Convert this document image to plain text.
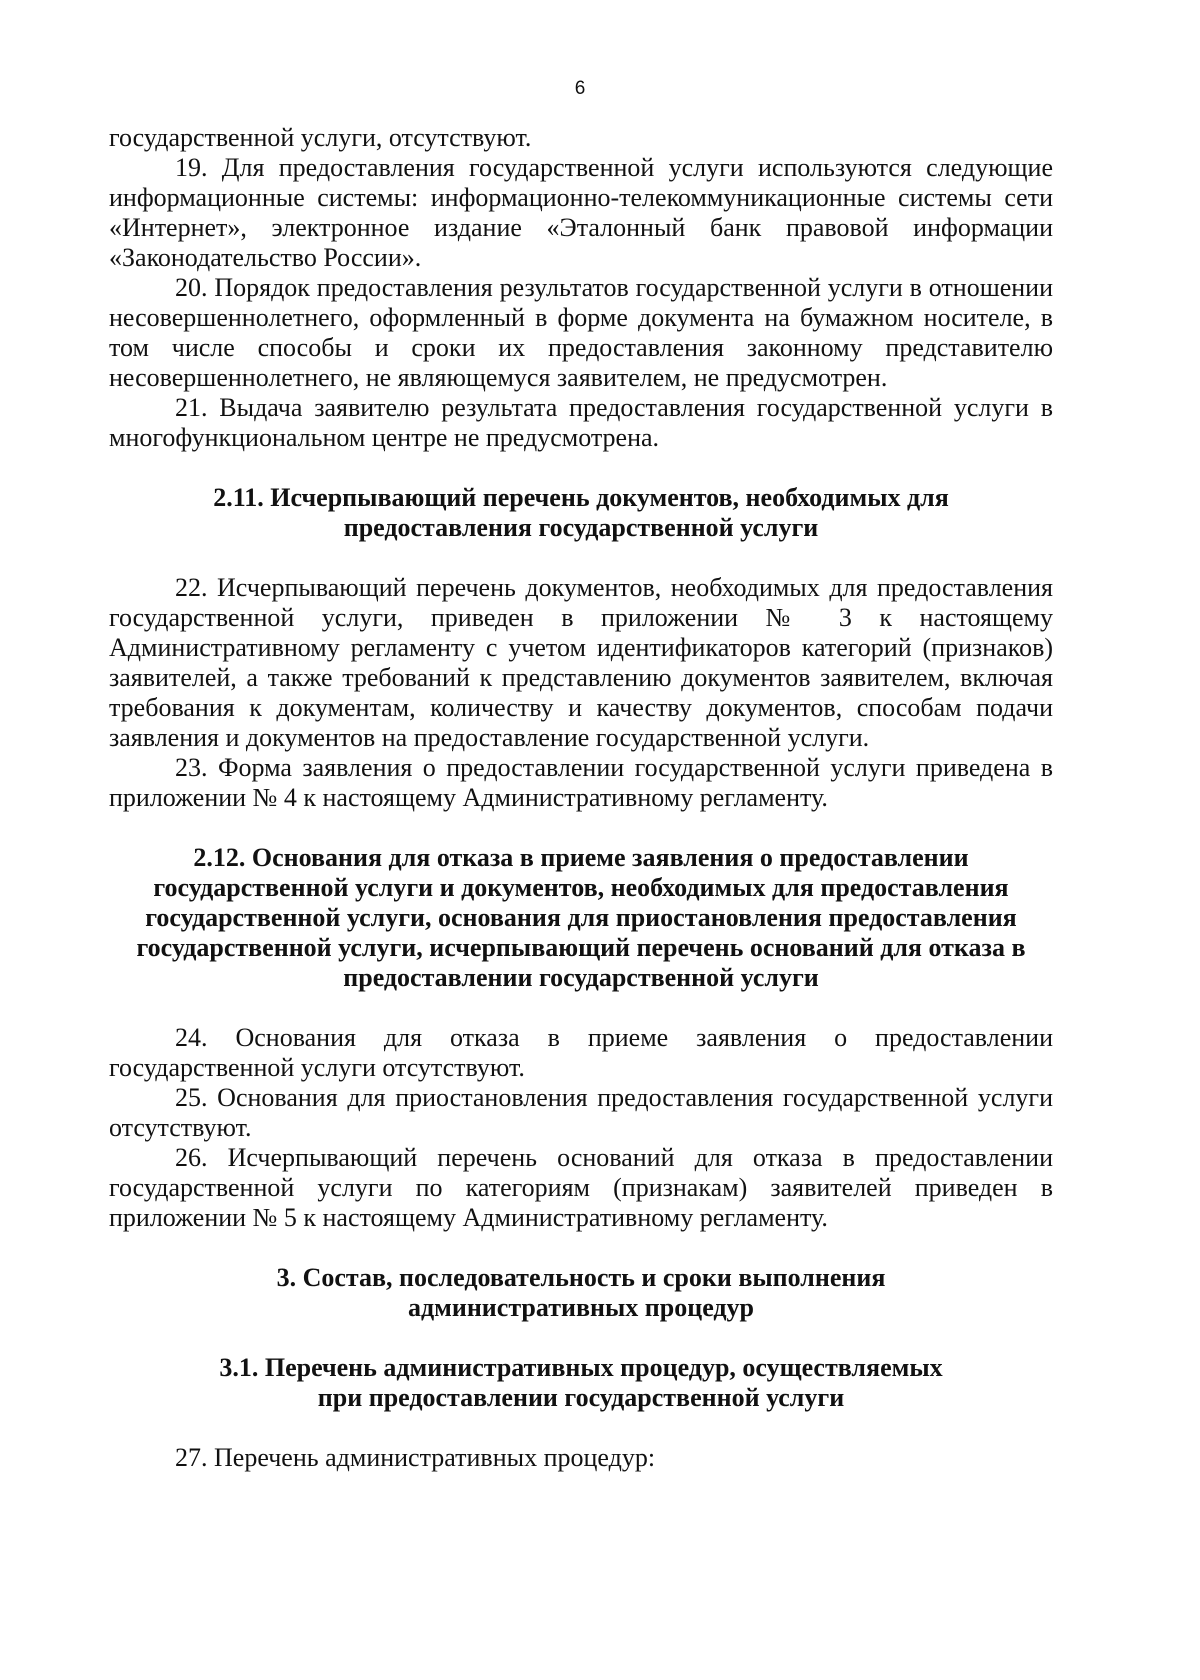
6

государственной услуги, отсутствуют.

19. Для предоставления государственной услуги используются следующие информационные системы: информационно-телекоммуникационные системы сети «Интернет», электронное издание «Эталонный банк правовой информации «Законодательство России».

20. Порядок предоставления результатов государственной услуги в отношении несовершеннолетнего, оформленный в форме документа на бумажном носителе, в том числе способы и сроки их предоставления законному представителю несовершеннолетнего, не являющемуся заявителем, не предусмотрен.

21. Выдача заявителю результата предоставления государственной услуги в многофункциональном центре не предусмотрена.

2.11. Исчерпывающий перечень документов, необходимых для
предоставления государственной услуги

22. Исчерпывающий перечень документов, необходимых для предоставления государственной услуги, приведен в приложении № 3 к настоящему Административному регламенту с учетом идентификаторов категорий (признаков) заявителей, а также требований к представлению документов заявителем, включая требования к документам, количеству и качеству документов, способам подачи заявления и документов на предоставление государственной услуги.

23. Форма заявления о предоставлении государственной услуги приведена в приложении № 4 к настоящему Административному регламенту.

2.12. Основания для отказа в приеме заявления о предоставлении
государственной услуги и документов, необходимых для предоставления
государственной услуги, основания для приостановления предоставления
государственной услуги, исчерпывающий перечень оснований для отказа в
предоставлении государственной услуги

24. Основания для отказа в приеме заявления о предоставлении государственной услуги отсутствуют.

25. Основания для приостановления предоставления государственной услуги отсутствуют.

26. Исчерпывающий перечень оснований для отказа в предоставлении государственной услуги по категориям (признакам) заявителей приведен в приложении № 5 к настоящему Административному регламенту.

3. Состав, последовательность и сроки выполнения
административных процедур
3.1. Перечень административных процедур, осуществляемых
при предоставлении государственной услуги

27. Перечень административных процедур:
